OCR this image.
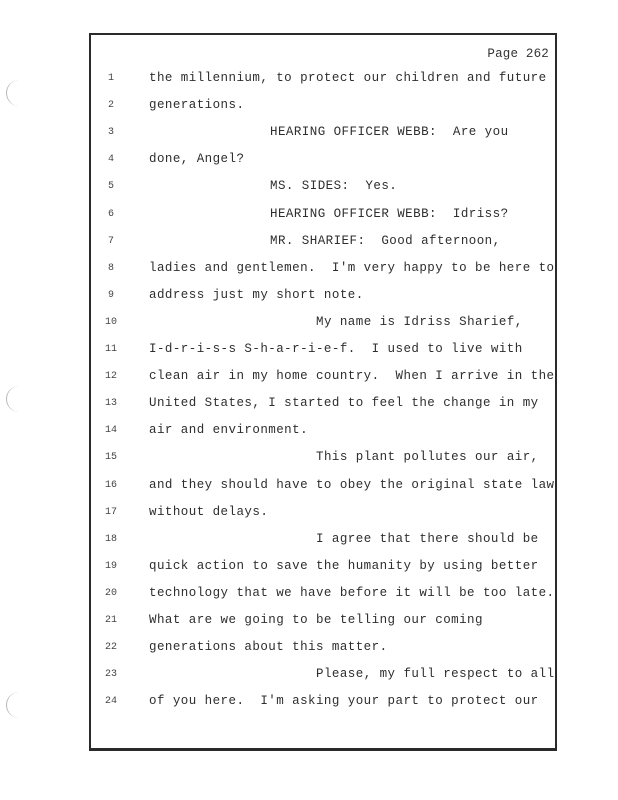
Page 262
1	the millennium, to protect our children and future
2	generations.
3	HEARING OFFICER WEBB:  Are you
4	done, Angel?
5	MS. SIDES:  Yes.
6	HEARING OFFICER WEBB:  Idriss?
7	MR. SHARIEF:  Good afternoon,
8	ladies and gentlemen.  I'm very happy to be here to
9	address just my short note.
10	My name is Idriss Sharief,
11	I-d-r-i-s-s S-h-a-r-i-e-f.  I used to live with
12	clean air in my home country.  When I arrive in the
13	United States, I started to feel the change in my
14	air and environment.
15	This plant pollutes our air,
16	and they should have to obey the original state law
17	without delays.
18	I agree that there should be
19	quick action to save the humanity by using better
20	technology that we have before it will be too late.
21	What are we going to be telling our coming
22	generations about this matter.
23	Please, my full respect to all
24	of you here.  I'm asking your part to protect our
